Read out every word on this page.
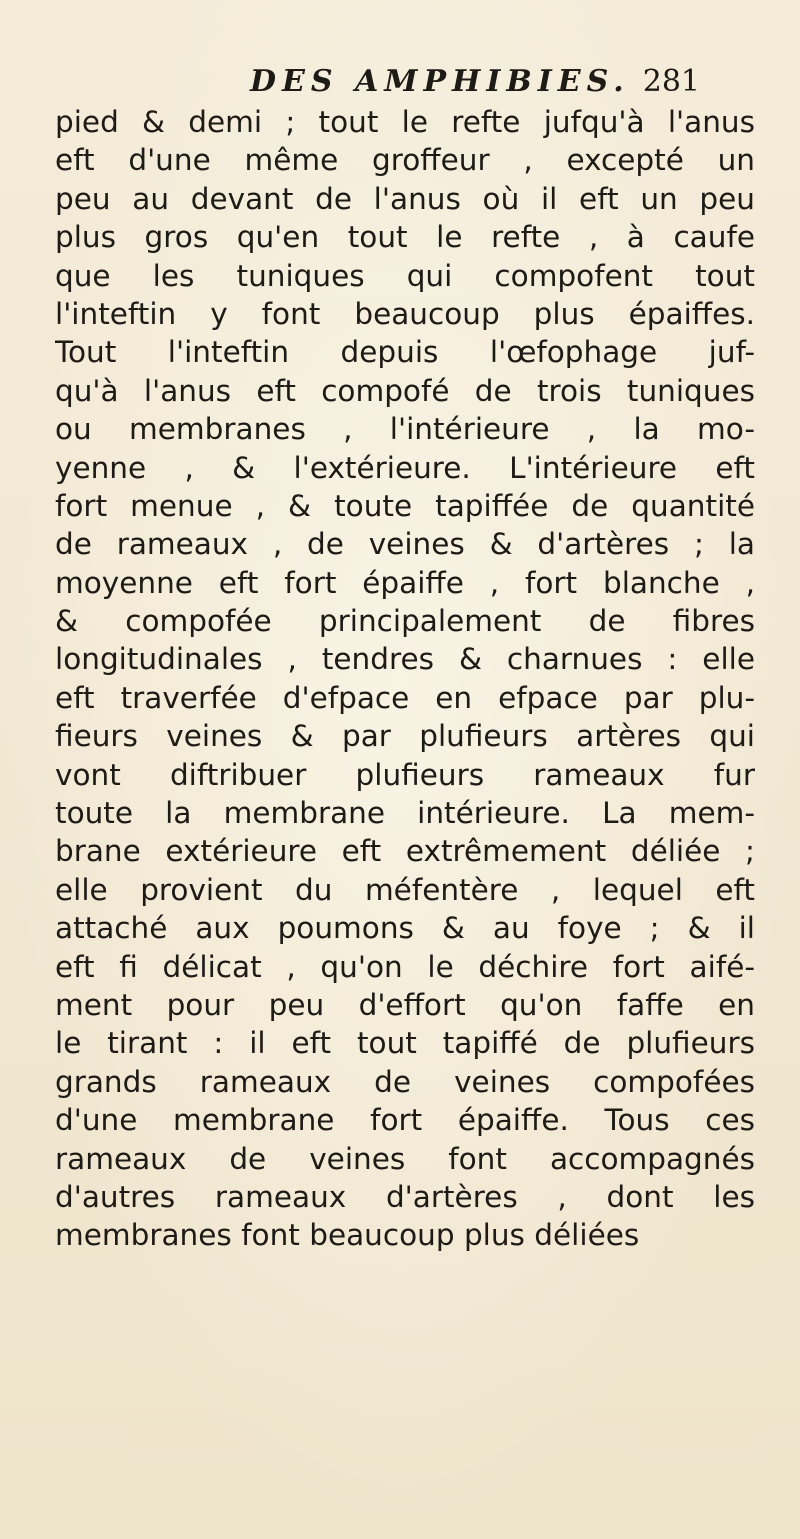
DES AMPHIBIES. 281
pied & demi ; tout le refte jufqu'à l'anus
eft d'une même groffeur , excepté un
peu au devant de l'anus où il eft un peu
plus gros qu'en tout le refte , à caufe
que les tuniques qui compofent tout
l'inteftin y font beaucoup plus épaiffes.
Tout l'inteftin depuis l'œfophage juf-
qu'à l'anus eft compofé de trois tuniques
ou membranes , l'intérieure , la mo-
yenne , & l'extérieure. L'intérieure eft
fort menue , & toute tapiffée de quantité
de rameaux , de veines & d'artères ; la
moyenne eft fort épaiffe , fort blanche ,
& compofée principalement de fibres
longitudinales , tendres & charnues : elle
eft traverfée d'efpace en efpace par plu-
fieurs veines & par plufieurs artères qui
vont diftribuer plufieurs rameaux fur
toute la membrane intérieure. La mem-
brane extérieure eft extrêmement déliée ;
elle provient du méfentère , lequel eft
attaché aux poumons & au foye ; & il
eft fi délicat , qu'on le déchire fort aifé-
ment pour peu d'effort qu'on faffe en
le tirant : il eft tout tapiffé de plufieurs
grands rameaux de veines compofées
d'une membrane fort épaiffe. Tous ces
rameaux de veines font accompagnés
d'autres rameaux d'artères , dont les
membranes font beaucoup plus déliées
